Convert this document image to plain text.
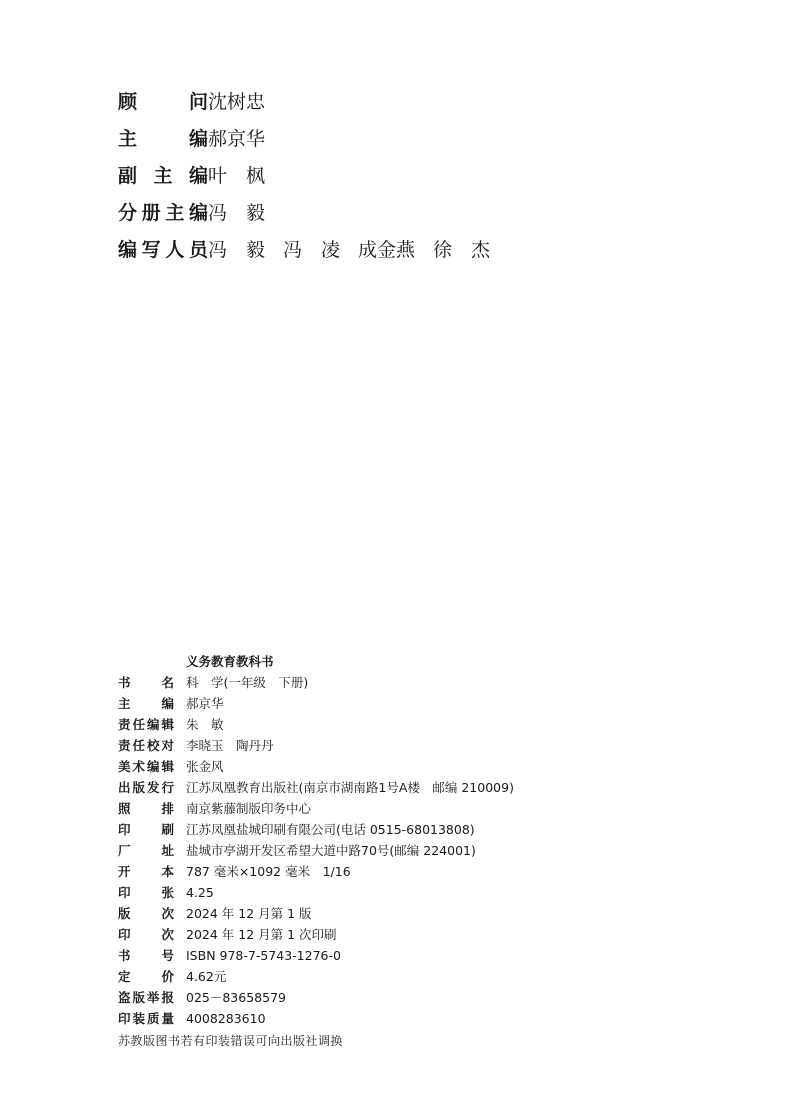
顾	问 沈树忠
主	编 郝京华
副 主 编 叶　枫
分 册 主 编 冯　毅
编 写 人 员 冯　毅 冯　凌 成金燕 徐　杰
义务教育教科书
书 名 科　学(一年级　下册)
主 编 郝京华
责 任 编 辑 朱　敏
责 任 校 对 李晓玉　陶丹丹
美 术 编 辑 张金风
出 版 发 行 江苏凤凰教育出版社(南京市湖南路1号A楼　邮编 210009)
照 排 南京紫藤制版印务中心
印 刷 江苏凤凰盐城印刷有限公司(电话 0515-68013808)
厂 址 盐城市亭湖开发区希望大道中路70号(邮编 224001)
开 本 787 毫米×1092 毫米　1/16
印 张 4.25
版 次 2024 年 12 月第 1 版
印 次 2024 年 12 月第 1 次印刷
书 号 ISBN 978-7-5743-1276-0
定 价 4.62元
盗 版 举 报 025－83658579
印 装 质 量 4008283610
苏教版图书若有印装错误可向出版社调换
